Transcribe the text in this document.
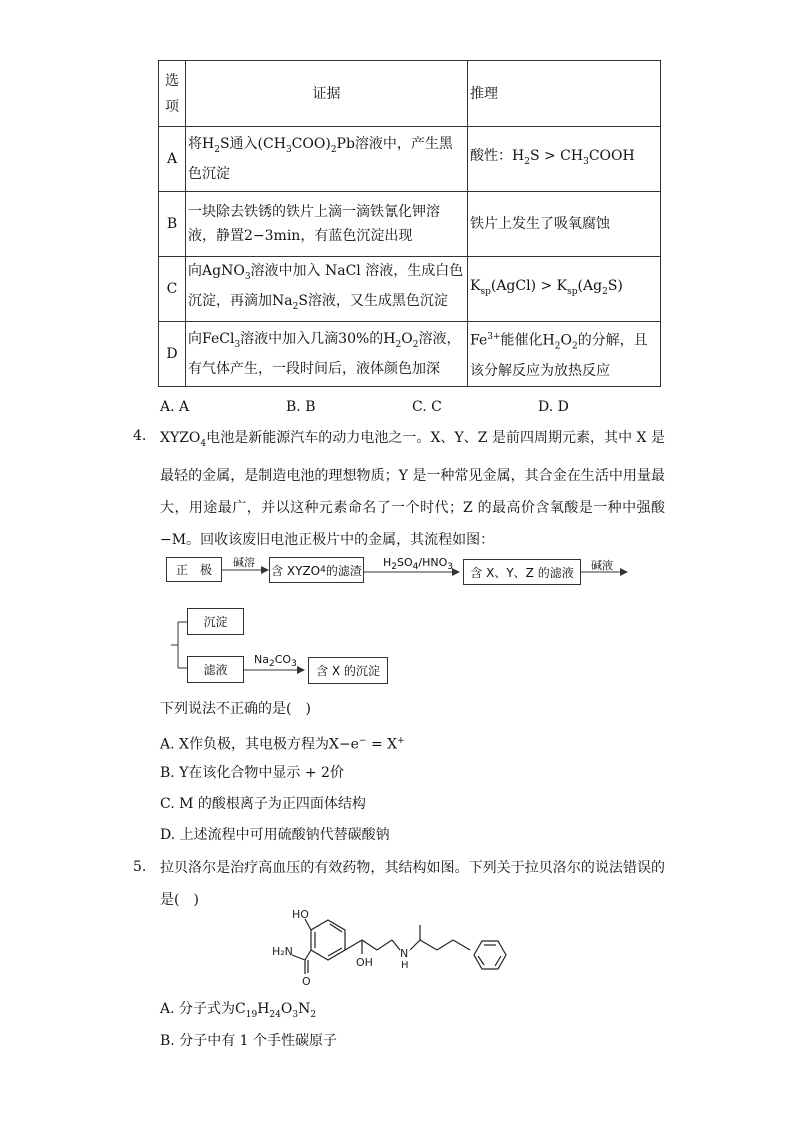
选
项	证据	推理
A	将$H_2S$通入$(CH_3COO)_2Pb$溶液中，产生黑色沉淀	酸性：$H_2S$ > $CH_3COOH$
B	一块除去铁锈的铁片上滴一滴铁氰化钾溶液，静置2−3min，有蓝色沉淀出现	铁片上发生了吸氧腐蚀
C	向AgNO$_3$溶液中加入 NaCl 溶液，生成白色沉淀，再滴加$Na_2S$溶液，又生成黑色沉淀	$K_{sp}(AgCl) > K_{sp}(Ag_2S)$
D	向FeCl$_3$溶液中加入几滴30%的$H_2O_2$溶液，有气体产生，一段时间后，液体颜色加深	$Fe^{3+}$能催化$H_2O_2$的分解，且该分解反应为放热反应
A. A	B. B	C. C	D. D
4. $XYZO_4$电池是新能源汽车的动力电池之一。X、Y、Z 是前四周期元素，其中 X 是最轻的金属，是制造电池的理想物质；Y 是一种常见金属，其合金在生活中用量最大，用途最广，并以这种元素命名了一个时代；Z 的最高价含氧酸是一种中强酸−M。回收该废旧电池正极片中的金属，其流程如图：
正　极
碱溶
含 XYZO 4 的滤渣
$H_2SO_4/HNO_3$	含 X、Y、Z 的滤液	碱液
沉淀
滤液
$Na_2CO_3$	含 X 的沉淀
下列说法不正确的是(　)
A. X作负极，其电极方程为X−e− = X+
B. Y在该化合物中显示 + 2价
C. M 的酸根离子为正四面体结构
D. 上述流程中可用硫酸钠代替碳酸钠
5. 拉贝洛尔是治疗高血压的有效药物，其结构如图。下列关于拉贝洛尔的说法错误的是(　)
HO
H₂N
O
OH
N
H
A. 分子式为$C_{19}H_{24}O_3N_2$
B. 分子中有 1 个手性碳原子
